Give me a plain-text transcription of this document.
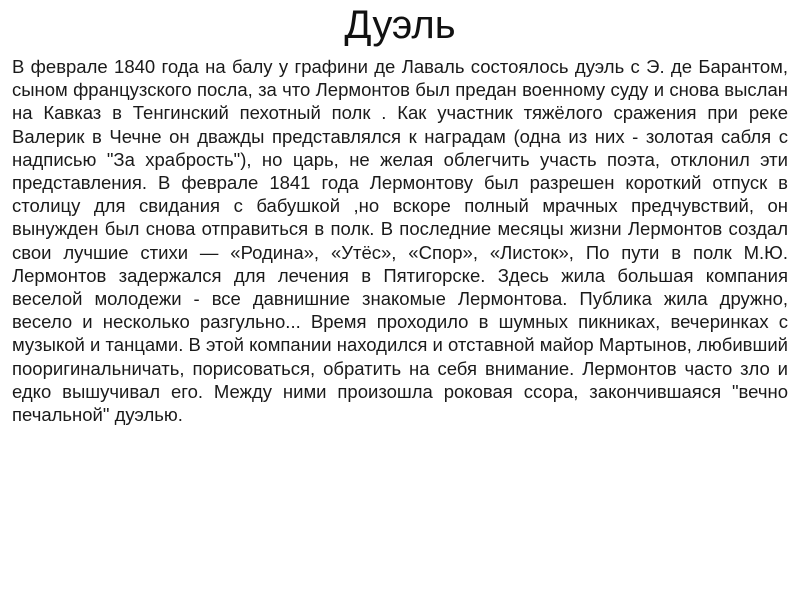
Дуэль

В феврале 1840 года на балу у графини де Лаваль состоялось дуэль с Э. де Барантом, сыном французского посла, за что Лермонтов был предан военному суду и снова выслан на Кавказ в Тенгинский пехотный полк . Как участник тяжёлого сражения при реке Валерик в Чечне он дважды представлялся к наградам (одна из них - золотая сабля с надписью "За храбрость"), но царь, не желая облегчить участь поэта, отклонил эти представления. В феврале 1841 года Лермонтову был разрешен короткий отпуск в столицу для свидания с бабушкой ,но вскоре полный мрачных предчувствий, он вынужден был снова отправиться в полк. В последние месяцы жизни Лермонтов создал свои лучшие стихи — «Родина», «Утёс», «Спор», «Листок», По пути в полк М.Ю. Лермонтов задержался для лечения в Пятигорске. Здесь жила большая компания веселой молодежи - все давнишние знакомые Лермонтова. Публика жила дружно, весело и несколько разгульно... Время проходило в шумных пикниках, вечеринках с музыкой и танцами. В этой компании находился и отставной майор Мартынов, любивший пооригинальничать, порисоваться, обратить на себя внимание. Лермонтов часто зло и едко вышучивал его. Между ними произошла роковая ссора, закончившаяся "вечно печальной" дуэлью.
